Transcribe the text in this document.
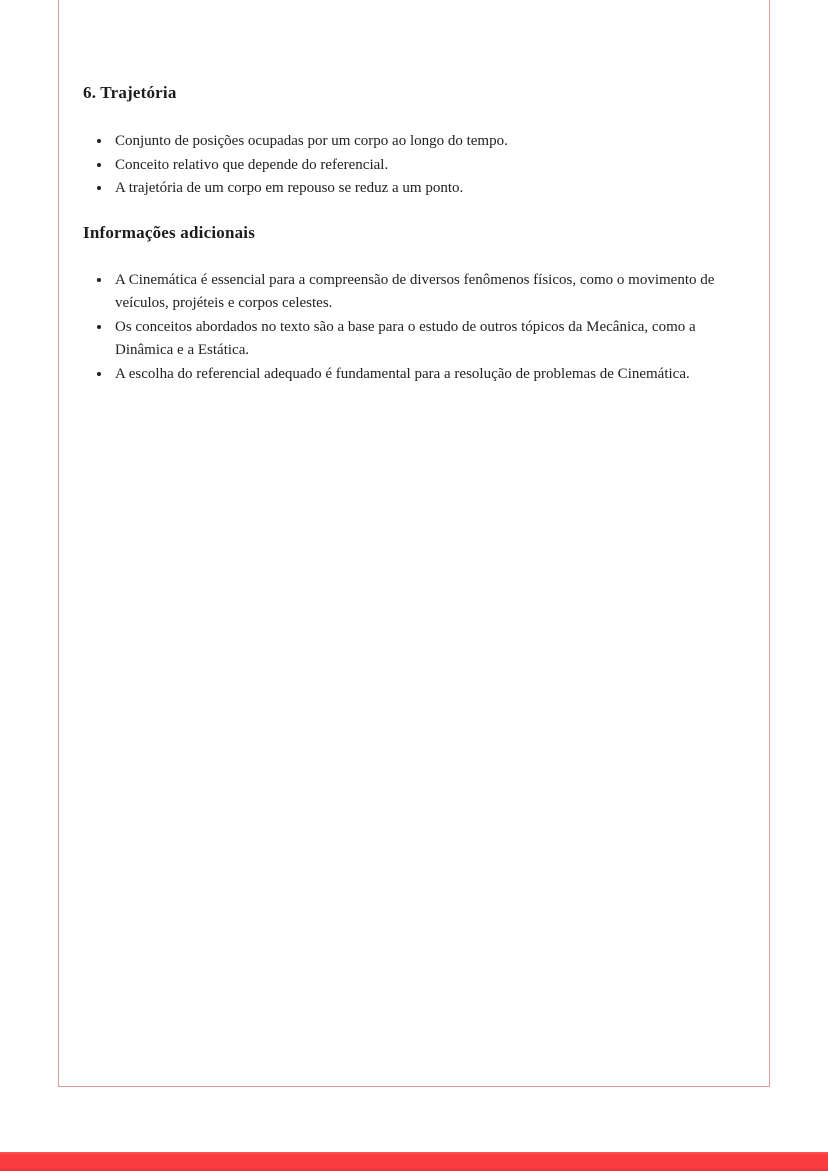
6. Trajetória
• Conjunto de posições ocupadas por um corpo ao longo do tempo.
• Conceito relativo que depende do referencial.
• A trajetória de um corpo em repouso se reduz a um ponto.
Informações adicionais
• A Cinemática é essencial para a compreensão de diversos fenômenos físicos, como o movimento de veículos, projéteis e corpos celestes.
• Os conceitos abordados no texto são a base para o estudo de outros tópicos da Mecânica, como a Dinâmica e a Estática.
• A escolha do referencial adequado é fundamental para a resolução de problemas de Cinemática.
